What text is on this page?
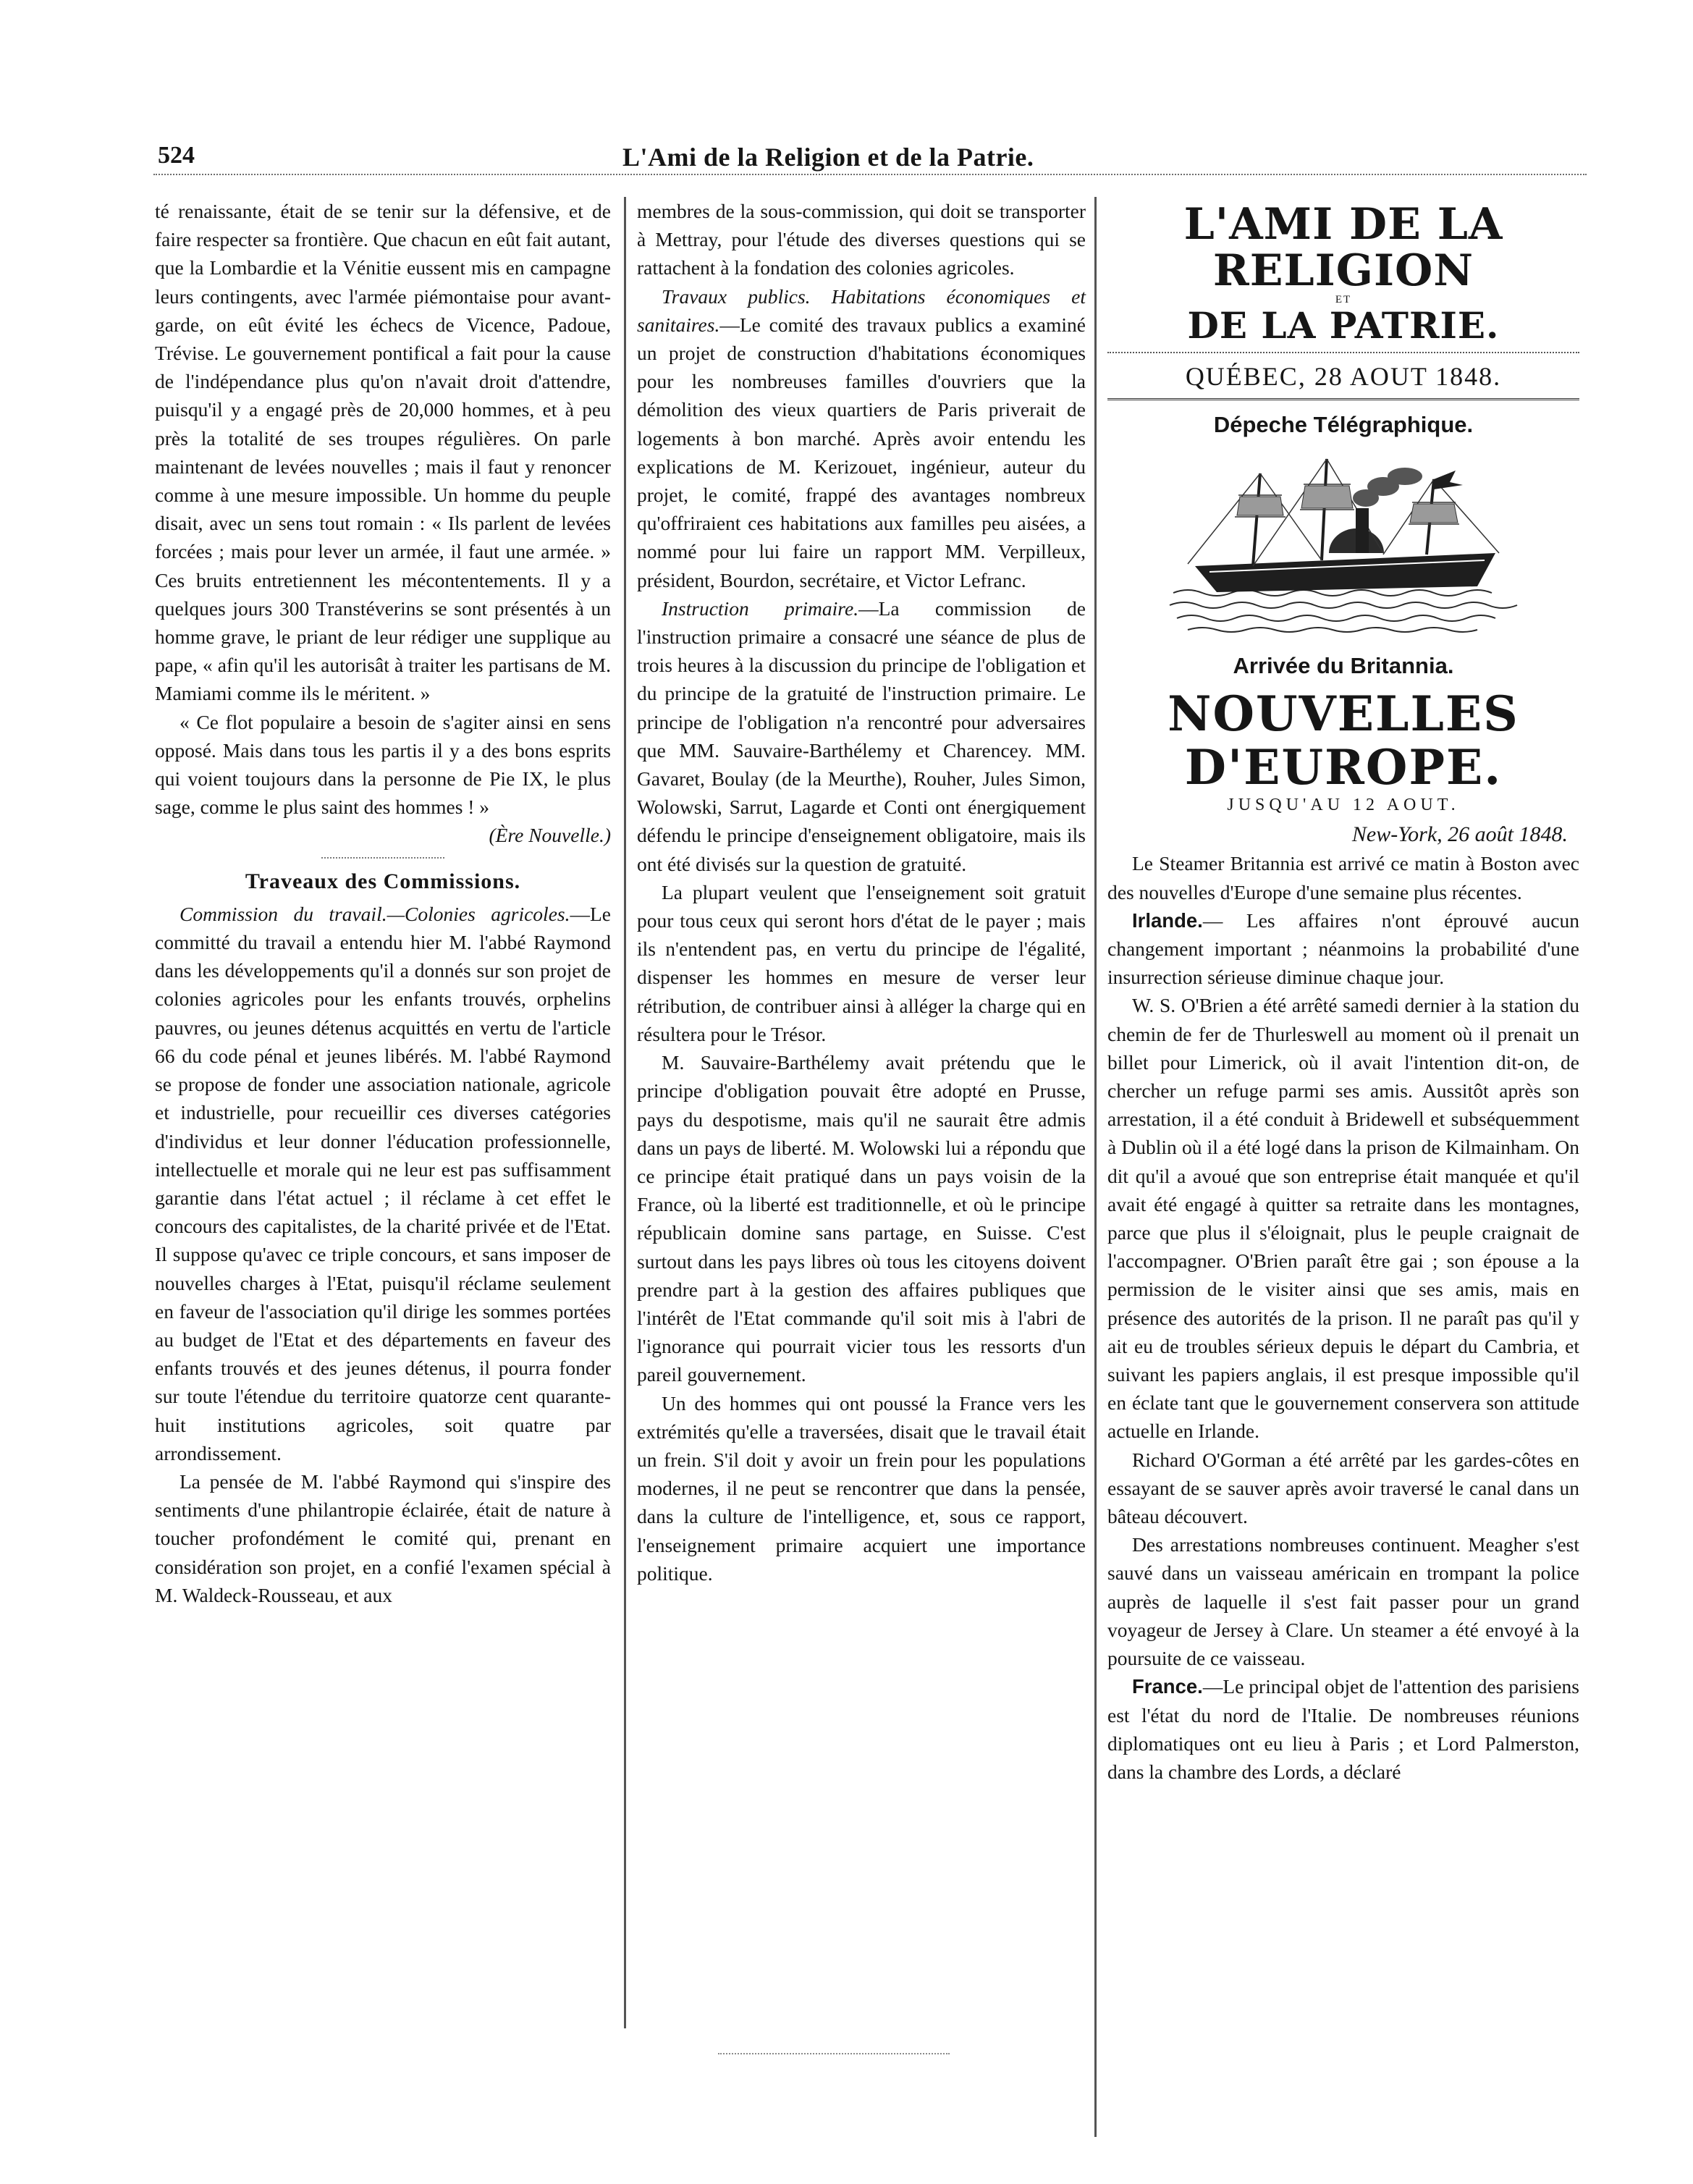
524	L'Ami de la Religion et de la Patrie.

té renaissante, était de se tenir sur la défensive, et de faire respecter sa frontière. Que chacun en eût fait autant, que la Lombardie et la Vénitie eussent mis en campagne leurs contingents, avec l'armée piémontaise pour avant-garde, on eût évité les échecs de Vicence, Padoue, Trévise. Le gouvernement pontifical a fait pour la cause de l'indépendance plus qu'on n'avait droit d'attendre, puisqu'il y a engagé près de 20,000 hommes, et à peu près la totalité de ses troupes régulières. On parle maintenant de levées nouvelles ; mais il faut y renoncer comme à une mesure impossible. Un homme du peuple disait, avec un sens tout romain : « Ils parlent de levées forcées ; mais pour lever un armée, il faut une armée. » Ces bruits entretiennent les mécontentements. Il y a quelques jours 300 Transtéverins se sont présentés à un homme grave, le priant de leur rédiger une supplique au pape, « afin qu'il les autorisât à traiter les partisans de M. Mamiami comme ils le méritent. »

« Ce flot populaire a besoin de s'agiter ainsi en sens opposé. Mais dans tous les partis il y a des bons esprits qui voient toujours dans la personne de Pie IX, le plus sage, comme le plus saint des hommes ! »

(Ère Nouvelle.)

Traveaux des Commissions.

Commission du travail.—Colonies agricoles.—Le committé du travail a entendu hier M. l'abbé Raymond dans les développements qu'il a donnés sur son projet de colonies agricoles pour les enfants trouvés, orphelins pauvres, ou jeunes détenus acquittés en vertu de l'article 66 du code pénal et jeunes libérés. M. l'abbé Raymond se propose de fonder une association nationale, agricole et industrielle, pour recueillir ces diverses catégories d'individus et leur donner l'éducation professionnelle, intellectuelle et morale qui ne leur est pas suffisamment garantie dans l'état actuel ; il réclame à cet effet le concours des capitalistes, de la charité privée et de l'Etat. Il suppose qu'avec ce triple concours, et sans imposer de nouvelles charges à l'Etat, puisqu'il réclame seulement en faveur de l'association qu'il dirige les sommes portées au budget de l'Etat et des départements en faveur des enfants trouvés et des jeunes détenus, il pourra fonder sur toute l'étendue du territoire quatorze cent quarante-huit institutions agricoles, soit quatre par arrondissement.

La pensée de M. l'abbé Raymond qui s'inspire des sentiments d'une philantropie éclairée, était de nature à toucher profondément le comité qui, prenant en considération son projet, en a confié l'examen spécial à M. Waldeck-Rousseau, et aux

membres de la sous-commission, qui doit se transporter à Mettray, pour l'étude des diverses questions qui se rattachent à la fondation des colonies agricoles.

Travaux publics. Habitations économiques et sanitaires.—Le comité des travaux publics a examiné un projet de construction d'habitations économiques pour les nombreuses familles d'ouvriers que la démolition des vieux quartiers de Paris priverait de logements à bon marché. Après avoir entendu les explications de M. Kerizouet, ingénieur, auteur du projet, le comité, frappé des avantages nombreux qu'offriraient ces habitations aux familles peu aisées, a nommé pour lui faire un rapport MM. Verpilleux, président, Bourdon, secrétaire, et Victor Lefranc.

Instruction primaire.—La commission de l'instruction primaire a consacré une séance de plus de trois heures à la discussion du principe de l'obligation et du principe de la gratuité de l'instruction primaire. Le principe de l'obligation n'a rencontré pour adversaires que MM. Sauvaire-Barthélemy et Charencey. MM. Gavaret, Boulay (de la Meurthe), Rouher, Jules Simon, Wolowski, Sarrut, Lagarde et Conti ont énergiquement défendu le principe d'enseignement obligatoire, mais ils ont été divisés sur la question de gratuité.

La plupart veulent que l'enseignement soit gratuit pour tous ceux qui seront hors d'état de le payer ; mais ils n'entendent pas, en vertu du principe de l'égalité, dispenser les hommes en mesure de verser leur rétribution, de contribuer ainsi à alléger la charge qui en résultera pour le Trésor.

M. Sauvaire-Barthélemy avait prétendu que le principe d'obligation pouvait être adopté en Prusse, pays du despotisme, mais qu'il ne saurait être admis dans un pays de liberté. M. Wolowski lui a répondu que ce principe était pratiqué dans un pays voisin de la France, où la liberté est traditionnelle, et où le principe républicain domine sans partage, en Suisse. C'est surtout dans les pays libres où tous les citoyens doivent prendre part à la gestion des affaires publiques que l'intérêt de l'Etat commande qu'il soit mis à l'abri de l'ignorance qui pourrait vicier tous les ressorts d'un pareil gouvernement.

Un des hommes qui ont poussé la France vers les extrémités qu'elle a traversées, disait que le travail était un frein. S'il doit y avoir un frein pour les populations modernes, il ne peut se rencontrer que dans la pensée, dans la culture de l'intelligence, et, sous ce rapport, l'enseignement primaire acquiert une importance politique.

L'AMI DE LA RELIGION
ET
DE LA PATRIE.
QUÉBEC, 28 AOUT 1848.
Dépeche Télégraphique.
Arrivée du Britannia.
NOUVELLES D'EUROPE.
JUSQU'AU 12 AOUT.
New-York, 26 août 1848.

Le Steamer Britannia est arrivé ce matin à Boston avec des nouvelles d'Europe d'une semaine plus récentes.

Irlande.— Les affaires n'ont éprouvé aucun changement important ; néanmoins la probabilité d'une insurrection sérieuse diminue chaque jour.

W. S. O'Brien a été arrêté samedi dernier à la station du chemin de fer de Thurleswell au moment où il prenait un billet pour Limerick, où il avait l'intention dit-on, de chercher un refuge parmi ses amis. Aussitôt après son arrestation, il a été conduit à Bridewell et subséquemment à Dublin où il a été logé dans la prison de Kilmainham. On dit qu'il a avoué que son entreprise était manquée et qu'il avait été engagé à quitter sa retraite dans les montagnes, parce que plus il s'éloignait, plus le peuple craignait de l'accompagner. O'Brien paraît être gai ; son épouse a la permission de le visiter ainsi que ses amis, mais en présence des autorités de la prison. Il ne paraît pas qu'il y ait eu de troubles sérieux depuis le départ du Cambria, et suivant les papiers anglais, il est presque impossible qu'il en éclate tant que le gouvernement conservera son attitude actuelle en Irlande.

Richard O'Gorman a été arrêté par les gardes-côtes en essayant de se sauver après avoir traversé le canal dans un bâteau découvert.

Des arrestations nombreuses continuent. Meagher s'est sauvé dans un vaisseau américain en trompant la police auprès de laquelle il s'est fait passer pour un grand voyageur de Jersey à Clare. Un steamer a été envoyé à la poursuite de ce vaisseau.

France.—Le principal objet de l'attention des parisiens est l'état du nord de l'Italie. De nombreuses réunions diplomatiques ont eu lieu à Paris ; et Lord Palmerston, dans la chambre des Lords, a déclaré
